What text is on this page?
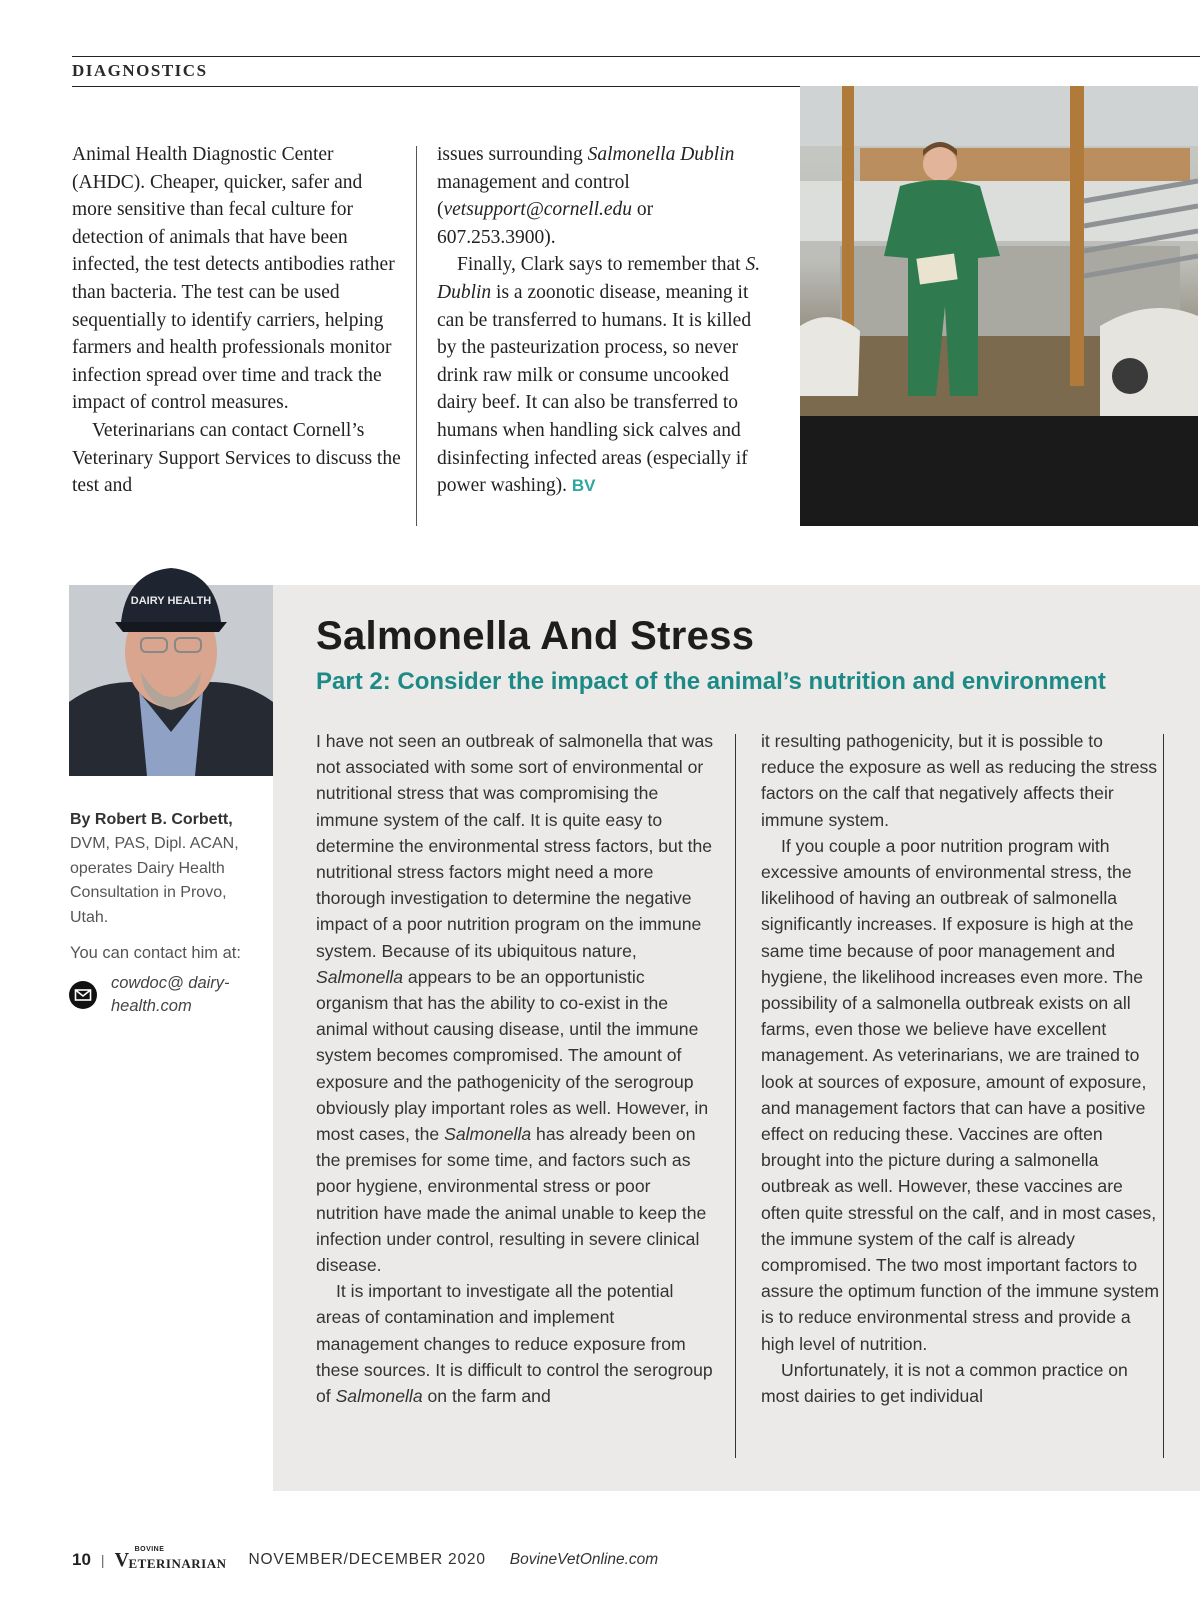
DIAGNOSTICS

Animal Health Diagnostic Center (AHDC). Cheaper, quicker, safer and more sensitive than fecal culture for detection of animals that have been infected, the test detects antibodies rather than bacteria. The test can be used sequentially to identify carriers, helping farmers and health professionals monitor infection spread over time and track the impact of control measures.

Veterinarians can contact Cornell’s Veterinary Support Services to discuss the test and

issues surrounding Salmonella Dublin management and control (vetsupport@cornell.edu or 607.253.3900).

Finally, Clark says to remember that S. Dublin is a zoonotic disease, meaning it can be transferred to humans. It is killed by the pasteurization process, so never drink raw milk or consume uncooked dairy beef. It can also be transferred to humans when handling sick calves and disinfecting infected areas (especially if power washing). BV

DAIRY HEALTH
Salmonella And Stress
Part 2: Consider the impact of the animal’s nutrition and environment

I have not seen an outbreak of salmonella that was not associated with some sort of environmental or nutritional stress that was compromising the immune system of the calf. It is quite easy to determine the environmental stress factors, but the nutritional stress factors might need a more thorough investigation to determine the negative impact of a poor nutrition program on the immune system. Because of its ubiquitous nature, Salmonella appears to be an opportunistic organism that has the ability to co-exist in the animal without causing disease, until the immune system becomes compromised. The amount of exposure and the pathogenicity of the serogroup obviously play important roles as well. However, in most cases, the Salmonella has already been on the premises for some time, and factors such as poor hygiene, environmental stress or poor nutrition have made the animal unable to keep the infection under control, resulting in severe clinical disease.

It is important to investigate all the potential areas of contamination and implement management changes to reduce exposure from these sources. It is difficult to control the serogroup of Salmonella on the farm and

it resulting pathogenicity, but it is possible to reduce the exposure as well as reducing the stress factors on the calf that negatively affects their immune system.

If you couple a poor nutrition program with excessive amounts of environmental stress, the likelihood of having an outbreak of salmonella significantly increases. If exposure is high at the same time because of poor management and hygiene, the likelihood increases even more. The possibility of a salmonella outbreak exists on all farms, even those we believe have excellent management. As veterinarians, we are trained to look at sources of exposure, amount of exposure, and management factors that can have a positive effect on reducing these. Vaccines are often brought into the picture during a salmonella outbreak as well. However, these vaccines are often quite stressful on the calf, and in most cases, the immune system of the calf is already compromised. The two most important factors to assure the optimum function of the immune system is to reduce environmental stress and provide a high level of nutrition.

Unfortunately, it is not a common practice on most dairies to get individual

By Robert B. Corbett, DVM, PAS, Dipl. ACAN, operates Dairy Health Consultation in Provo, Utah.
You can contact him at:
cowdoc@ dairy-health.com
10 |
BOVINE
V ETERINARIAN NOVEMBER/DECEMBER 2020 BovineVetOnline.com
